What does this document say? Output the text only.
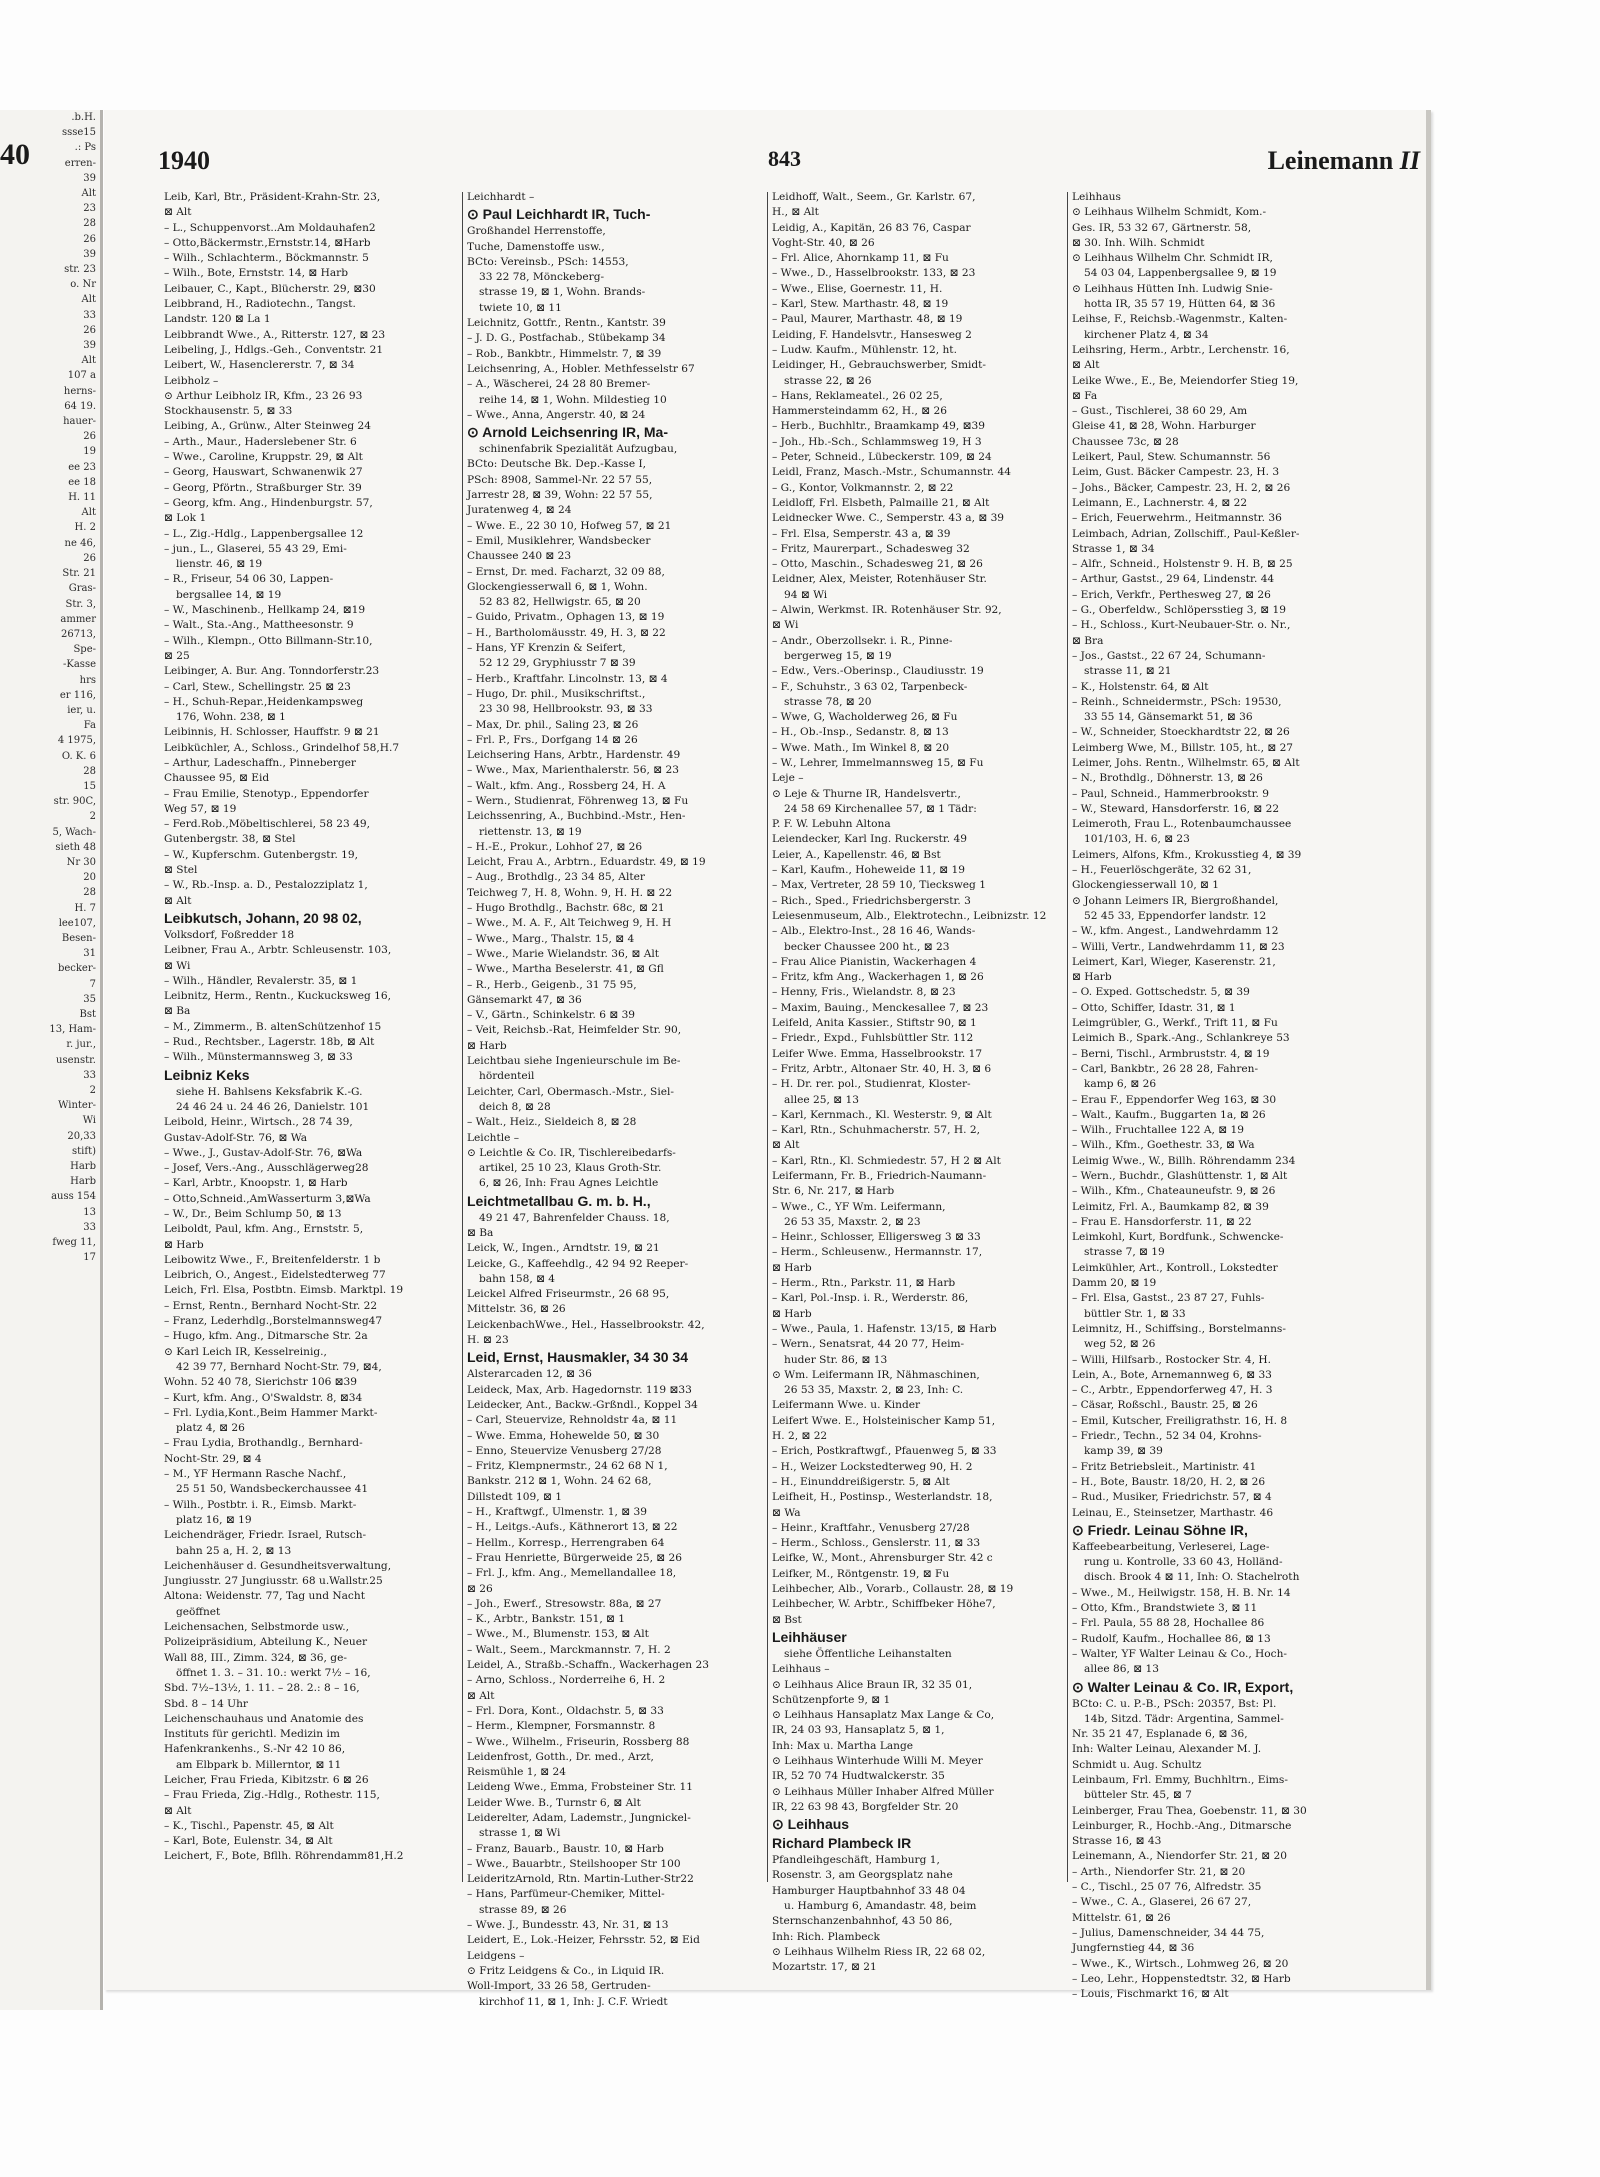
.b.H.
ssse15
.: Ps
erren-
39
Alt
23
28
26
39
str. 23
o. Nr
Alt
33
26
39
Alt
107 a
herns-
64 19.
hauer-
26
19
ee 23
ee 18
H. 11
Alt
H. 2
ne 46,
26
Str. 21
Gras-
Str. 3,
ammer
26713,
Spe-
-Kasse
hrs
er 116,
ier, u.
Fa
4 1975,
O. K. 6
28
15
str. 90C,
2
5, Wach-
sieth 48
Nr 30
20
28
H. 7
lee107,
Besen-
31
becker-
7
35
Bst
13, Ham-
r. jur.,
usenstr.
33
2
Winter-
Wi
20,33
stift)
Harb
Harb
auss 154
13
33
fweg 11,
17
40	1940	843	Leinemann II

Leib, Karl, Btr., Präsident-Krahn-Str. 23,

⊠ Alt

– L., Schuppenvorst..Am Moldauhafen2

– Otto,Bäckermstr.,Ernststr.14, ⊠Harb

– Wilh., Schlachterm., Böckmannstr. 5

– Wilh., Bote, Ernststr. 14, ⊠ Harb

Leibauer, C., Kapt., Blücherstr. 29, ⊠30

Leibbrand, H., Radiotechn., Tangst.

Landstr. 120 ⊠ La 1

Leibbrandt Wwe., A., Ritterstr. 127, ⊠ 23

Leibeling, J., Hdlgs.-Geh., Conventstr. 21

Leibert, W., Hasenclererstr. 7, ⊠ 34

Leibholz –

⊙ Arthur Leibholz IR, Kfm., 23 26 93

Stockhausenstr. 5, ⊠ 33

Leibing, A., Grünw., Alter Steinweg 24

– Arth., Maur., Haderslebener Str. 6

– Wwe., Caroline, Kruppstr. 29, ⊠ Alt

– Georg, Hauswart, Schwanenwik 27

– Georg, Pförtn., Straßburger Str. 39

– Georg, kfm. Ang., Hindenburgstr. 57,

⊠ Lok 1

– L., Zig.-Hdlg., Lappenbergsallee 12

– jun., L., Glaserei, 55 43 29, Emi-

lienstr. 46, ⊠ 19

– R., Friseur, 54 06 30, Lappen-

bergsallee 14, ⊠ 19

– W., Maschinenb., Hellkamp 24, ⊠19

– Walt., Sta.-Ang., Mattheesonstr. 9

– Wilh., Klempn., Otto Billmann-Str.10,

⊠ 25

Leibinger, A. Bur. Ang. Tonndorferstr.23

– Carl, Stew., Schellingstr. 25 ⊠ 23

– H., Schuh-Repar.,Heidenkampsweg

176, Wohn. 238, ⊠ 1

Leibinnis, H. Schlosser, Hauffstr. 9 ⊠ 21

Leibküchler, A., Schloss., Grindelhof 58,H.7

– Arthur, Ladeschaffn., Pinneberger

Chaussee 95, ⊠ Eid

– Frau Emilie, Stenotyp., Eppendorfer

Weg 57, ⊠ 19

– Ferd.Rob.,Möbeltischlerei, 58 23 49,

Gutenbergstr. 38, ⊠ Stel

– W., Kupferschm. Gutenbergstr. 19,

⊠ Stel

– W., Rb.-Insp. a. D., Pestalozziplatz 1,

⊠ Alt

Leibkutsch, Johann, 20 98 02,

Volksdorf, Foßredder 18

Leibner, Frau A., Arbtr. Schleusenstr. 103,

⊠ Wi

– Wilh., Händler, Revalerstr. 35, ⊠ 1

Leibnitz, Herm., Rentn., Kuckucksweg 16,

⊠ Ba

– M., Zimmerm., B. altenSchützenhof 15

– Rud., Rechtsber., Lagerstr. 18b, ⊠ Alt

– Wilh., Münstermannsweg 3, ⊠ 33

Leibniz Keks

siehe H. Bahlsens Keksfabrik K.-G.

24 46 24 u. 24 46 26, Danielstr. 101

Leibold, Heinr., Wirtsch., 28 74 39,

Gustav-Adolf-Str. 76, ⊠ Wa

– Wwe., J., Gustav-Adolf-Str. 76, ⊠Wa

– Josef, Vers.-Ang., Ausschlägerweg28

– Karl, Arbtr., Knoopstr. 1, ⊠ Harb

– Otto,Schneid.,AmWasserturm 3,⊠Wa

– W., Dr., Beim Schlump 50, ⊠ 13

Leiboldt, Paul, kfm. Ang., Ernststr. 5,

⊠ Harb

Leibowitz Wwe., F., Breitenfelderstr. 1 b

Leibrich, O., Angest., Eidelstedterweg 77

Leich, Frl. Elsa, Postbtn. Eimsb. Marktpl. 19

– Ernst, Rentn., Bernhard Nocht-Str. 22

– Franz, Lederhdlg.,Borstelmannsweg47

– Hugo, kfm. Ang., Ditmarsche Str. 2a

⊙ Karl Leich IR, Kesselreinig.,

42 39 77, Bernhard Nocht-Str. 79, ⊠4,

Wohn. 52 40 78, Sierichstr 106 ⊠39

– Kurt, kfm. Ang., O'Swaldstr. 8, ⊠34

– Frl. Lydia,Kont.,Beim Hammer Markt-

platz 4, ⊠ 26

– Frau Lydia, Brothandlg., Bernhard-

Nocht-Str. 29, ⊠ 4

– M., YF Hermann Rasche Nachf.,

25 51 50, Wandsbeckerchaussee 41

– Wilh., Postbtr. i. R., Eimsb. Markt-

platz 16, ⊠ 19

Leichendräger, Friedr. Israel, Rutsch-

bahn 25 a, H. 2, ⊠ 13

Leichenhäuser d. Gesundheitsverwaltung,

Jungiusstr. 27 Jungiusstr. 68 u.Wallstr.25

Altona: Weidenstr. 77, Tag und Nacht

geöffnet

Leichensachen, Selbstmorde usw.,

Polizeipräsidium, Abteilung K., Neuer

Wall 88, III., Zimm. 324, ⊠ 36, ge-

öffnet 1. 3. – 31. 10.: werkt 7½ – 16,

Sbd. 7½–13½, 1. 11. – 28. 2.: 8 – 16,

Sbd. 8 – 14 Uhr

Leichenschauhaus und Anatomie des

Instituts für gerichtl. Medizin im

Hafenkrankenhs., S.-Nr 42 10 86,

am Elbpark b. Millerntor, ⊠ 11

Leicher, Frau Frieda, Kibitzstr. 6 ⊠ 26

– Frau Frieda, Zig.-Hdlg., Rothestr. 115,

⊠ Alt

– K., Tischl., Papenstr. 45, ⊠ Alt

– Karl, Bote, Eulenstr. 34, ⊠ Alt

Leichert, F., Bote, Bfllh. Röhrendamm81,H.2

Leichhardt –

⊙ Paul Leichhardt IR, Tuch-

Großhandel Herrenstoffe,

Tuche, Damenstoffe usw.,

BCto: Vereinsb., PSch: 14553,

33 22 78, Mönckeberg-

strasse 19, ⊠ 1, Wohn. Brands-

twiete 10, ⊠ 11

Leichnitz, Gottfr., Rentn., Kantstr. 39

– J. D. G., Postfachab., Stübekamp 34

– Rob., Bankbtr., Himmelstr. 7, ⊠ 39

Leichsenring, A., Hobler. Methfesselstr 67

– A., Wäscherei, 24 28 80 Bremer-

reihe 14, ⊠ 1, Wohn. Mildestieg 10

– Wwe., Anna, Angerstr. 40, ⊠ 24

⊙ Arnold Leichsenring IR, Ma-

schinenfabrik Spezialität Aufzugbau,

BCto: Deutsche Bk. Dep.-Kasse I,

PSch: 8908, Sammel-Nr. 22 57 55,

Jarrestr 28, ⊠ 39, Wohn: 22 57 55,

Juratenweg 4, ⊠ 24

– Wwe. E., 22 30 10, Hofweg 57, ⊠ 21

– Emil, Musiklehrer, Wandsbecker

Chaussee 240 ⊠ 23

– Ernst, Dr. med. Facharzt, 32 09 88,

Glockengiesserwall 6, ⊠ 1, Wohn.

52 83 82, Hellwigstr. 65, ⊠ 20

– Guido, Privatm., Ophagen 13, ⊠ 19

– H., Bartholomäusstr. 49, H. 3, ⊠ 22

– Hans, YF Krenzin & Seifert,

52 12 29, Gryphiusstr 7 ⊠ 39

– Herb., Kraftfahr. Lincolnstr. 13, ⊠ 4

– Hugo, Dr. phil., Musikschriftst.,

23 30 98, Hellbrookstr. 93, ⊠ 33

– Max, Dr. phil., Saling 23, ⊠ 26

– Frl. P., Frs., Dorfgang 14 ⊠ 26

Leichsering Hans, Arbtr., Hardenstr. 49

– Wwe., Max, Marienthalerstr. 56, ⊠ 23

– Walt., kfm. Ang., Rossberg 24, H. A

– Wern., Studienrat, Föhrenweg 13, ⊠ Fu

Leichssenring, A., Buchbind.-Mstr., Hen-

riettenstr. 13, ⊠ 19

– H.-E., Prokur., Lohhof 27, ⊠ 26

Leicht, Frau A., Arbtrn., Eduardstr. 49, ⊠ 19

– Aug., Brothdlg., 23 34 85, Alter

Teichweg 7, H. 8, Wohn. 9, H. H. ⊠ 22

– Hugo Brothdlg., Bachstr. 68c, ⊠ 21

– Wwe., M. A. F., Alt Teichweg 9, H. H

– Wwe., Marg., Thalstr. 15, ⊠ 4

– Wwe., Marie Wielandstr. 36, ⊠ Alt

– Wwe., Martha Beselerstr. 41, ⊠ Gfl

– R., Herb., Geigenb., 31 75 95,

Gänsemarkt 47, ⊠ 36

– V., Gärtn., Schinkelstr. 6 ⊠ 39

– Veit, Reichsb.-Rat, Heimfelder Str. 90,

⊠ Harb

Leichtbau siehe Ingenieurschule im Be-

hördenteil

Leichter, Carl, Obermasch.-Mstr., Siel-

deich 8, ⊠ 28

– Walt., Heiz., Sieldeich 8, ⊠ 28

Leichtle –

⊙ Leichtle & Co. IR, Tischlereibedarfs-

artikel, 25 10 23, Klaus Groth-Str.

6, ⊠ 26, Inh: Frau Agnes Leichtle

Leichtmetallbau G. m. b. H.,

49 21 47, Bahrenfelder Chauss. 18,

⊠ Ba

Leick, W., Ingen., Arndtstr. 19, ⊠ 21

Leicke, G., Kaffeehdlg., 42 94 92 Reeper-

bahn 158, ⊠ 4

Leickel Alfred Friseurmstr., 26 68 95,

Mittelstr. 36, ⊠ 26

LeickenbachWwe., Hel., Hasselbrookstr. 42,

H. ⊠ 23

Leid, Ernst, Hausmakler, 34 30 34

Alsterarcaden 12, ⊠ 36

Leideck, Max, Arb. Hagedornstr. 119 ⊠33

Leidecker, Ant., Backw.-Grßndl., Koppel 34

– Carl, Steuervize, Rehnoldstr 4a, ⊠ 11

– Wwe. Emma, Hohewelde 50, ⊠ 30

– Enno, Steuervize Venusberg 27/28

– Fritz, Klempnermstr., 24 62 68 N 1,

Bankstr. 212 ⊠ 1, Wohn. 24 62 68,

Dillstedt 109, ⊠ 1

– H., Kraftwgf., Ulmenstr. 1, ⊠ 39

– H., Leitgs.-Aufs., Käthnerort 13, ⊠ 22

– Hellm., Korresp., Herrengraben 64

– Frau Henriette, Bürgerweide 25, ⊠ 26

– Frl. J., kfm. Ang., Memellandallee 18,

⊠ 26

– Joh., Ewerf., Stresowstr. 88a, ⊠ 27

– K., Arbtr., Bankstr. 151, ⊠ 1

– Wwe., M., Blumenstr. 153, ⊠ Alt

– Walt., Seem., Marckmannstr. 7, H. 2

Leidel, A., Straßb.-Schaffn., Wackerhagen 23

– Arno, Schloss., Norderreihe 6, H. 2

⊠ Alt

– Frl. Dora, Kont., Oldachstr. 5, ⊠ 33

– Herm., Klempner, Forsmannstr. 8

– Wwe., Wilhelm., Friseurin, Rossberg 88

Leidenfrost, Gotth., Dr. med., Arzt,

Reismühle 1, ⊠ 24

Leideng Wwe., Emma, Frobsteiner Str. 11

Leider Wwe. B., Turnstr 6, ⊠ Alt

Leiderelter, Adam, Lademstr., Jungnickel-

strasse 1, ⊠ Wi

– Franz, Bauarb., Baustr. 10, ⊠ Harb

– Wwe., Bauarbtr., Steilshooper Str 100

LeideritzArnold, Rtn. Martin-Luther-Str22

– Hans, Parfümeur-Chemiker, Mittel-

strasse 89, ⊠ 26

– Wwe. J., Bundesstr. 43, Nr. 31, ⊠ 13

Leidert, E., Lok.-Heizer, Fehrsstr. 52, ⊠ Eid

Leidgens –

⊙ Fritz Leidgens & Co., in Liquid IR.

Woll-Import, 33 26 58, Gertruden-

kirchhof 11, ⊠ 1, Inh: J. C.F. Wriedt

Leidhoff, Walt., Seem., Gr. Karlstr. 67,

H., ⊠ Alt

Leidig, A., Kapitän, 26 83 76, Caspar

Voght-Str. 40, ⊠ 26

– Frl. Alice, Ahornkamp 11, ⊠ Fu

– Wwe., D., Hasselbrookstr. 133, ⊠ 23

– Wwe., Elise, Goernestr. 11, H.

– Karl, Stew. Marthastr. 48, ⊠ 19

– Paul, Maurer, Marthastr. 48, ⊠ 19

Leiding, F. Handelsvtr., Hansesweg 2

– Ludw. Kaufm., Mühlenstr. 12, ht.

Leidinger, H., Gebrauchswerber, Smidt-

strasse 22, ⊠ 26

– Hans, Reklameatel., 26 02 25,

Hammersteindamm 62, H., ⊠ 26

– Herb., Buchhltr., Braamkamp 49, ⊠39

– Joh., Hb.-Sch., Schlammsweg 19, H 3

– Peter, Schneid., Lübeckerstr. 109, ⊠ 24

Leidl, Franz, Masch.-Mstr., Schumannstr. 44

– G., Kontor, Volkmannstr. 2, ⊠ 22

Leidloff, Frl. Elsbeth, Palmaille 21, ⊠ Alt

Leidnecker Wwe. C., Semperstr. 43 a, ⊠ 39

– Frl. Elsa, Semperstr. 43 a, ⊠ 39

– Fritz, Maurerpart., Schadesweg 32

– Otto, Maschin., Schadesweg 21, ⊠ 26

Leidner, Alex, Meister, Rotenhäuser Str.

94 ⊠ Wi

– Alwin, Werkmst. IR. Rotenhäuser Str. 92,

⊠ Wi

– Andr., Oberzollsekr. i. R., Pinne-

bergerweg 15, ⊠ 19

– Edw., Vers.-Oberinsp., Claudiusstr. 19

– F., Schuhstr., 3 63 02, Tarpenbeck-

strasse 78, ⊠ 20

– Wwe, G, Wacholderweg 26, ⊠ Fu

– H., Ob.-Insp., Sedanstr. 8, ⊠ 13

– Wwe. Math., Im Winkel 8, ⊠ 20

– W., Lehrer, Immelmannsweg 15, ⊠ Fu

Leje –

⊙ Leje & Thurne IR, Handelsvertr.,

24 58 69 Kirchenallee 57, ⊠ 1 Tädr:

P. F. W. Lebuhn Altona

Leiendecker, Karl Ing. Ruckerstr. 49

Leier, A., Kapellenstr. 46, ⊠ Bst

– Karl, Kaufm., Hoheweide 11, ⊠ 19

– Max, Vertreter, 28 59 10, Tiecksweg 1

– Rich., Sped., Friedrichsbergerstr. 3

Leiesenmuseum, Alb., Elektrotechn., Leibnizstr. 12

– Alb., Elektro-Inst., 28 16 46, Wands-

becker Chaussee 200 ht., ⊠ 23

– Frau Alice Pianistin, Wackerhagen 4

– Fritz, kfm Ang., Wackerhagen 1, ⊠ 26

– Henny, Fris., Wielandstr. 8, ⊠ 23

– Maxim, Bauing., Menckesallee 7, ⊠ 23

Leifeld, Anita Kassier., Stiftstr 90, ⊠ 1

– Friedr., Expd., Fuhlsbüttler Str. 112

Leifer Wwe. Emma, Hasselbrookstr. 17

– Fritz, Arbtr., Altonaer Str. 40, H. 3, ⊠ 6

– H. Dr. rer. pol., Studienrat, Kloster-

allee 25, ⊠ 13

– Karl, Kernmach., Kl. Westerstr. 9, ⊠ Alt

– Karl, Rtn., Schuhmacherstr. 57, H. 2,

⊠ Alt

– Karl, Rtn., Kl. Schmiedestr. 57, H 2 ⊠ Alt

Leifermann, Fr. B., Friedrich-Naumann-

Str. 6, Nr. 217, ⊠ Harb

– Wwe., C., YF Wm. Leifermann,

26 53 35, Maxstr. 2, ⊠ 23

– Heinr., Schlosser, Elligersweg 3 ⊠ 33

– Herm., Schleusenw., Hermannstr. 17,

⊠ Harb

– Herm., Rtn., Parkstr. 11, ⊠ Harb

– Karl, Pol.-Insp. i. R., Werderstr. 86,

⊠ Harb

– Wwe., Paula, 1. Hafenstr. 13/15, ⊠ Harb

– Wern., Senatsrat, 44 20 77, Heim-

huder Str. 86, ⊠ 13

⊙ Wm. Leifermann IR, Nähmaschinen,

26 53 35, Maxstr. 2, ⊠ 23, Inh: C.

Leifermann Wwe. u. Kinder

Leifert Wwe. E., Holsteinischer Kamp 51,

H. 2, ⊠ 22

– Erich, Postkraftwgf., Pfauenweg 5, ⊠ 33

– H., Weizer Lockstedterweg 90, H. 2

– H., Einunddreißigerstr. 5, ⊠ Alt

Leifheit, H., Postinsp., Westerlandstr. 18,

⊠ Wa

– Heinr., Kraftfahr., Venusberg 27/28

– Herm., Schloss., Genslerstr. 11, ⊠ 33

Leifke, W., Mont., Ahrensburger Str. 42 c

Leifker, M., Röntgenstr. 19, ⊠ Fu

Leihbecher, Alb., Vorarb., Collaustr. 28, ⊠ 19

Leihbecher, W. Arbtr., Schiffbeker Höhe7,

⊠ Bst

Leihhäuser

siehe Öffentliche Leihanstalten

Leihhaus –

⊙ Leihhaus Alice Braun IR, 32 35 01,

Schützenpforte 9, ⊠ 1

⊙ Leihhaus Hansaplatz Max Lange & Co,

IR, 24 03 93, Hansaplatz 5, ⊠ 1,

Inh: Max u. Martha Lange

⊙ Leihhaus Winterhude Willi M. Meyer

IR, 52 70 74 Hudtwalckerstr. 35

⊙ Leihhaus Müller Inhaber Alfred Müller

IR, 22 63 98 43, Borgfelder Str. 20

⊙ Leihhaus

Richard Plambeck IR

Pfandleihgeschäft, Hamburg 1,

Rosenstr. 3, am Georgsplatz nahe

Hamburger Hauptbahnhof 33 48 04

u. Hamburg 6, Amandastr. 48, beim

Sternschanzenbahnhof, 43 50 86,

Inh: Rich. Plambeck

⊙ Leihhaus Wilhelm Riess IR, 22 68 02,

Mozartstr. 17, ⊠ 21

Leihhaus

⊙ Leihhaus Wilhelm Schmidt, Kom.-

Ges. IR, 53 32 67, Gärtnerstr. 58,

⊠ 30. Inh. Wilh. Schmidt

⊙ Leihhaus Wilhelm Chr. Schmidt IR,

54 03 04, Lappenbergsallee 9, ⊠ 19

⊙ Leihhaus Hütten Inh. Ludwig Snie-

hotta IR, 35 57 19, Hütten 64, ⊠ 36

Leihse, F., Reichsb.-Wagenmstr., Kalten-

kirchener Platz 4, ⊠ 34

Leihsring, Herm., Arbtr., Lerchenstr. 16,

⊠ Alt

Leike Wwe., E., Be, Meiendorfer Stieg 19,

⊠ Fa

– Gust., Tischlerei, 38 60 29, Am

Gleise 41, ⊠ 28, Wohn. Harburger

Chaussee 73c, ⊠ 28

Leikert, Paul, Stew. Schumannstr. 56

Leim, Gust. Bäcker Campestr. 23, H. 3

– Johs., Bäcker, Campestr. 23, H. 2, ⊠ 26

Leimann, E., Lachnerstr. 4, ⊠ 22

– Erich, Feuerwehrm., Heitmannstr. 36

Leimbach, Adrian, Zollschiff., Paul-Keßler-

Strasse 1, ⊠ 34

– Alfr., Schneid., Holstenstr 9. H. B, ⊠ 25

– Arthur, Gastst., 29 64, Lindenstr. 44

– Erich, Verkfr., Perthesweg 27, ⊠ 26

– G., Oberfeldw., Schlöpersstieg 3, ⊠ 19

– H., Schloss., Kurt-Neubauer-Str. o. Nr.,

⊠ Bra

– Jos., Gastst., 22 67 24, Schumann-

strasse 11, ⊠ 21

– K., Holstenstr. 64, ⊠ Alt

– Reinh., Schneidermstr., PSch: 19530,

33 55 14, Gänsemarkt 51, ⊠ 36

– W., Schneider, Stoeckhardtstr 22, ⊠ 26

Leimberg Wwe, M., Billstr. 105, ht., ⊠ 27

Leimer, Johs. Rentn., Wilhelmstr. 65, ⊠ Alt

– N., Brothdlg., Döhnerstr. 13, ⊠ 26

– Paul, Schneid., Hammerbrookstr. 9

– W., Steward, Hansdorferstr. 16, ⊠ 22

Leimeroth, Frau L., Rotenbaumchaussee

101/103, H. 6, ⊠ 23

Leimers, Alfons, Kfm., Krokusstieg 4, ⊠ 39

– H., Feuerlöschgeräte, 32 62 31,

Glockengiesserwall 10, ⊠ 1

⊙ Johann Leimers IR, Biergroßhandel,

52 45 33, Eppendorfer landstr. 12

– W., kfm. Angest., Landwehrdamm 12

– Willi, Vertr., Landwehrdamm 11, ⊠ 23

Leimert, Karl, Wieger, Kaserenstr. 21,

⊠ Harb

– O. Exped. Gottschedstr. 5, ⊠ 39

– Otto, Schiffer, Idastr. 31, ⊠ 1

Leimgrübler, G., Werkf., Trift 11, ⊠ Fu

Leimich B., Spark.-Ang., Schlankreye 53

– Berni, Tischl., Armbruststr. 4, ⊠ 19

– Carl, Bankbtr., 26 28 28, Fahren-

kamp 6, ⊠ 26

– Erau F., Eppendorfer Weg 163, ⊠ 30

– Walt., Kaufm., Buggarten 1a, ⊠ 26

– Wilh., Fruchtallee 122 A, ⊠ 19

– Wilh., Kfm., Goethestr. 33, ⊠ Wa

Leimig Wwe., W., Billh. Röhrendamm 234

– Wern., Buchdr., Glashüttenstr. 1, ⊠ Alt

– Wilh., Kfm., Chateauneufstr. 9, ⊠ 26

Leimitz, Frl. A., Baumkamp 82, ⊠ 39

– Frau E. Hansdorferstr. 11, ⊠ 22

Leimkohl, Kurt, Bordfunk., Schwencke-

strasse 7, ⊠ 19

Leimkühler, Art., Kontroll., Lokstedter

Damm 20, ⊠ 19

– Frl. Elsa, Gastst., 23 87 27, Fuhls-

büttler Str. 1, ⊠ 33

Leimnitz, H., Schiffsing., Borstelmanns-

weg 52, ⊠ 26

– Willi, Hilfsarb., Rostocker Str. 4, H.

Lein, A., Bote, Arnemannweg 6, ⊠ 33

– C., Arbtr., Eppendorferweg 47, H. 3

– Cäsar, Roßschl., Baustr. 25, ⊠ 26

– Emil, Kutscher, Freiligrathstr. 16, H. 8

– Friedr., Techn., 52 34 04, Krohns-

kamp 39, ⊠ 39

– Fritz Betriebsleit., Martinistr. 41

– H., Bote, Baustr. 18/20, H. 2, ⊠ 26

– Rud., Musiker, Friedrichstr. 57, ⊠ 4

Leinau, E., Steinsetzer, Marthastr. 46

⊙ Friedr. Leinau Söhne IR,

Kaffeebearbeitung, Verleserei, Lage-

rung u. Kontrolle, 33 60 43, Holländ-

disch. Brook 4 ⊠ 11, Inh: O. Stachelroth

– Wwe., M., Heilwigstr. 158, H. B. Nr. 14

– Otto, Kfm., Brandstwiete 3, ⊠ 11

– Frl. Paula, 55 88 28, Hochallee 86

– Rudolf, Kaufm., Hochallee 86, ⊠ 13

– Walter, YF Walter Leinau & Co., Hoch-

allee 86, ⊠ 13

⊙ Walter Leinau & Co. IR, Export,

BCto: C. u. P.-B., PSch: 20357, Bst: Pl.

14b, Sitzd. Tädr: Argentina, Sammel-

Nr. 35 21 47, Esplanade 6, ⊠ 36,

Inh: Walter Leinau, Alexander M. J.

Schmidt u. Aug. Schultz

Leinbaum, Frl. Emmy, Buchhltrn., Eims-

bütteler Str. 45, ⊠ 7

Leinberger, Frau Thea, Goebenstr. 11, ⊠ 30

Leinburger, R., Hochb.-Ang., Ditmarsche

Strasse 16, ⊠ 43

Leinemann, A., Niendorfer Str. 21, ⊠ 20

– Arth., Niendorfer Str. 21, ⊠ 20

– C., Tischl., 25 07 76, Alfredstr. 35

– Wwe., C. A., Glaserei, 26 67 27,

Mittelstr. 61, ⊠ 26

– Julius, Damenschneider, 34 44 75,

Jungfernstieg 44, ⊠ 36

– Wwe., K., Wirtsch., Lohmweg 26, ⊠ 20

– Leo, Lehr., Hoppenstedtstr. 32, ⊠ Harb

– Louis, Fischmarkt 16, ⊠ Alt
